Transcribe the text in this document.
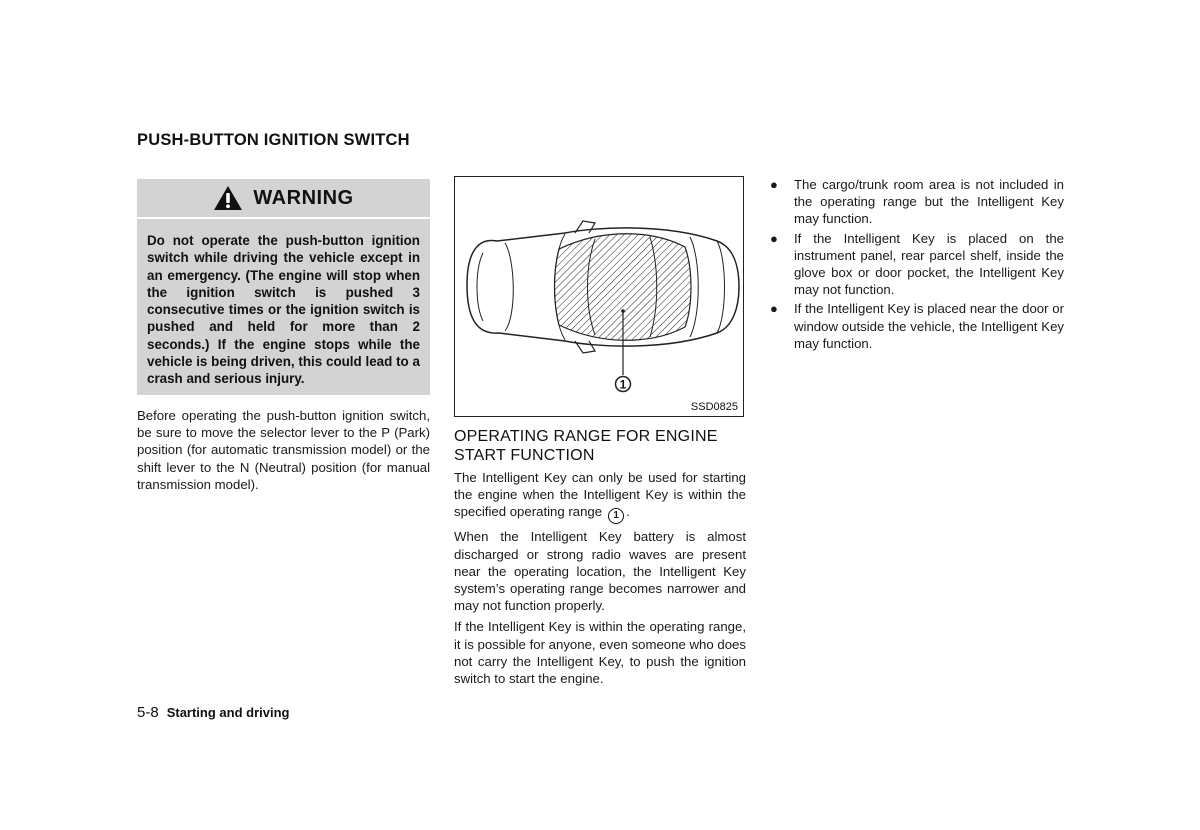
PUSH-BUTTON IGNITION SWITCH
WARNING

Do not operate the push-button ignition switch while driving the vehicle except in an emergency. (The engine will stop when the ignition switch is pushed 3 consecutive times or the ignition switch is pushed and held for more than 2 seconds.) If the engine stops while the vehicle is being driven, this could lead to a crash and serious injury.

Before operating the push-button ignition switch, be sure to move the selector lever to the P (Park) position (for automatic transmission model) or the shift lever to the N (Neutral) position (for manual transmission model).

1
SSD0825
OPERATING RANGE FOR ENGINE
START FUNCTION

The Intelligent Key can only be used for starting the engine when the Intelligent Key is within the specified operating range 1 .

When the Intelligent Key battery is almost discharged or strong radio waves are present near the operating location, the Intelligent Key system’s operating range becomes narrower and may not function properly.

If the Intelligent Key is within the operating range, it is possible for anyone, even someone who does not carry the Intelligent Key, to push the ignition switch to start the engine.

● The cargo/trunk room area is not included in the operating range but the Intelligent Key may function.
● If the Intelligent Key is placed on the instrument panel, rear parcel shelf, inside the glove box or door pocket, the Intelligent Key may not function.
● If the Intelligent Key is placed near the door or window outside the vehicle, the Intelligent Key may function.
5-8 Starting and driving
